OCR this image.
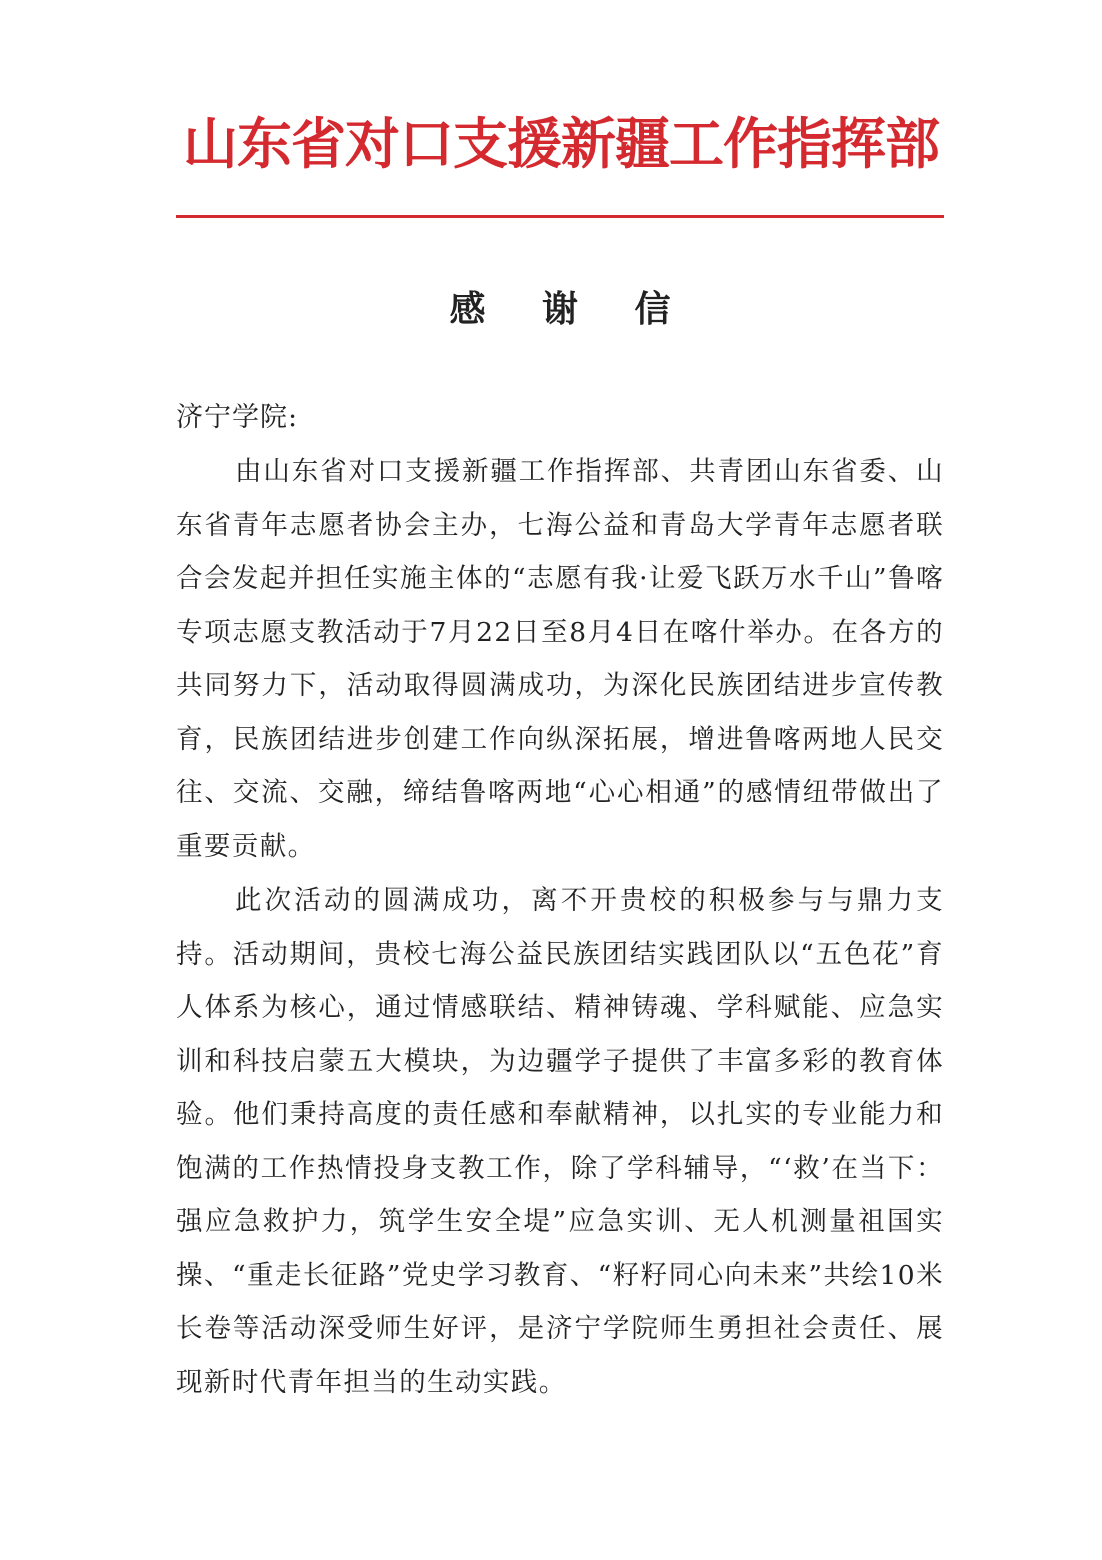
山东省对口支援新疆工作指挥部
感 谢 信
济宁学院:

由山东省对口支援新疆工作指挥部、共青团山东省委、山东省青年志愿者协会主办，七海公益和青岛大学青年志愿者联合会发起并担任实施主体的“志愿有我·让爱飞跃万水千山”鲁喀专项志愿支教活动于7月22日至8月4日在喀什举办。在各方的共同努力下，活动取得圆满成功，为深化民族团结进步宣传教育，民族团结进步创建工作向纵深拓展，增进鲁喀两地人民交往、交流、交融，缔结鲁喀两地“心心相通”的感情纽带做出了重要贡献。

此次活动的圆满成功，离不开贵校的积极参与与鼎力支持。活动期间，贵校七海公益民族团结实践团队以“五色花”育人体系为核心，通过情感联结、精神铸魂、学科赋能、应急实训和科技启蒙五大模块，为边疆学子提供了丰富多彩的教育体验。他们秉持高度的责任感和奉献精神，以扎实的专业能力和饱满的工作热情投身支教工作，除了学科辅导，“‘救’在当下：强应急救护力，筑学生安全堤”应急实训、无人机测量祖国实操、“重走长征路”党史学习教育、“籽籽同心向未来”共绘10米长卷等活动深受师生好评，是济宁学院师生勇担社会责任、展现新时代青年担当的生动实践。
